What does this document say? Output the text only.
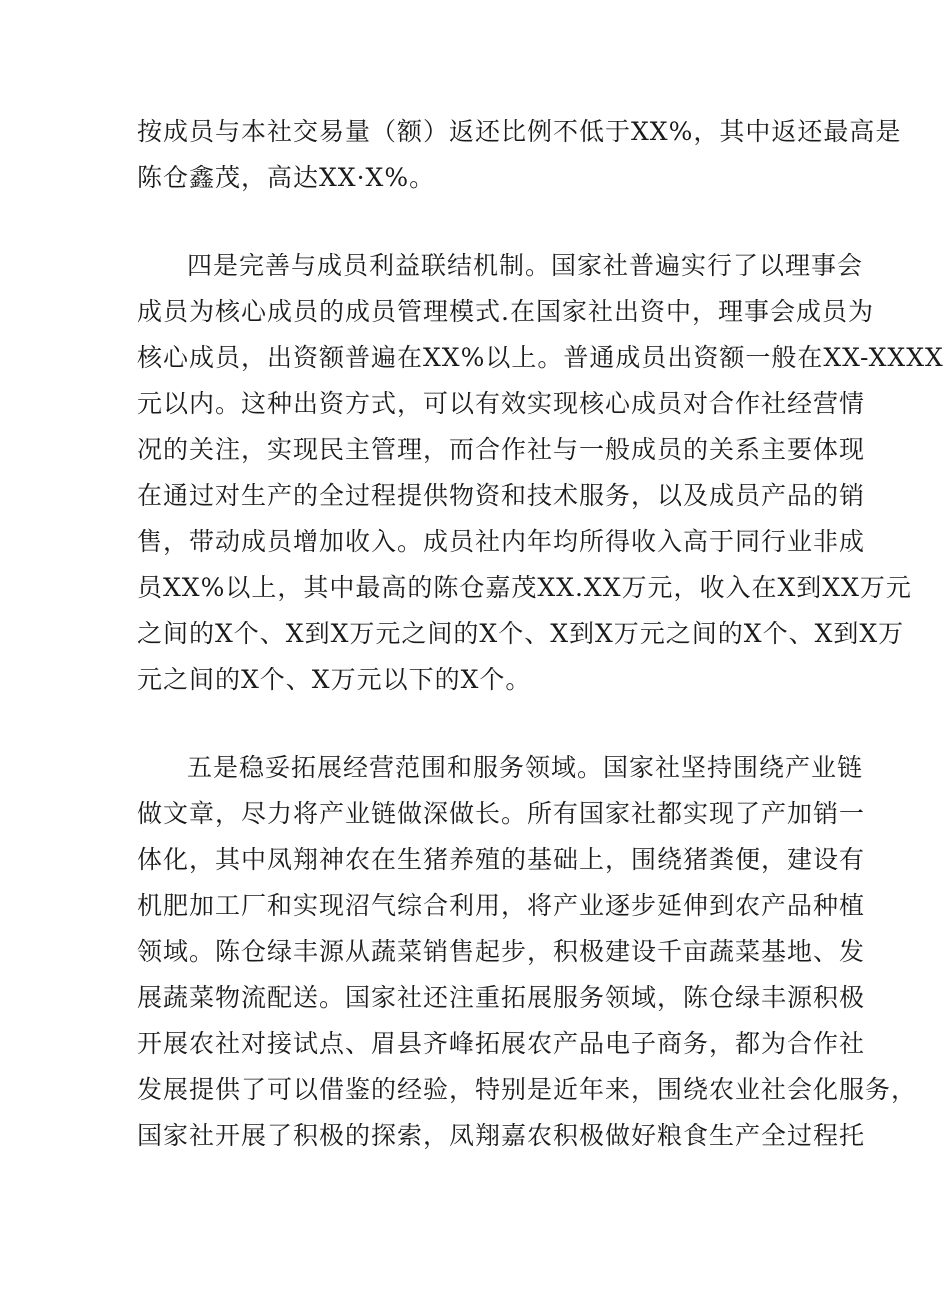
按成员与本社交易量（额）返还比例不低于XX%，其中返还最高是
陈仓鑫茂，高达XX·X%。
四是完善与成员利益联结机制。国家社普遍实行了以理事会
成员为核心成员的成员管理模式.在国家社出资中，理事会成员为
核心成员，出资额普遍在XX%以上。普通成员出资额一般在XX-XXXX
元以内。这种出资方式，可以有效实现核心成员对合作社经营情
况的关注，实现民主管理，而合作社与一般成员的关系主要体现
在通过对生产的全过程提供物资和技术服务，以及成员产品的销
售，带动成员增加收入。成员社内年均所得收入高于同行业非成
员XX%以上，其中最高的陈仓嘉茂XX.XX万元，收入在X到XX万元
之间的X个、X到X万元之间的X个、X到X万元之间的X个、X到X万
元之间的X个、X万元以下的X个。
五是稳妥拓展经营范围和服务领域。国家社坚持围绕产业链
做文章，尽力将产业链做深做长。所有国家社都实现了产加销一
体化，其中凤翔神农在生猪养殖的基础上，围绕猪粪便，建设有
机肥加工厂和实现沼气综合利用，将产业逐步延伸到农产品种植
领域。陈仓绿丰源从蔬菜销售起步，积极建设千亩蔬菜基地、发
展蔬菜物流配送。国家社还注重拓展服务领域，陈仓绿丰源积极
开展农社对接试点、眉县齐峰拓展农产品电子商务，都为合作社
发展提供了可以借鉴的经验，特别是近年来，围绕农业社会化服务，
国家社开展了积极的探索，凤翔嘉农积极做好粮食生产全过程托
